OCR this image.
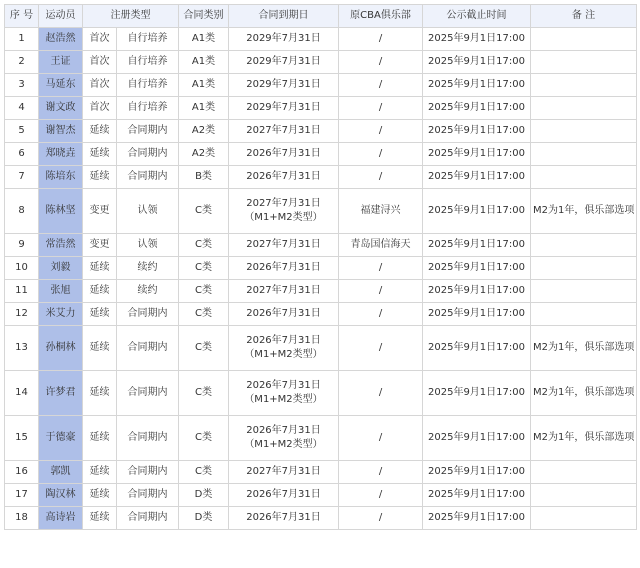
序 号	运动员	注册类型		合同类别	合同到期日	原CBA俱乐部	公示截止时间	备 注
1	赵浩然	首次	自行培养	A1类	2029年7月31日	/	2025年9月1日17:00	
2	王证	首次	自行培养	A1类	2029年7月31日	/	2025年9月1日17:00	
3	马延东	首次	自行培养	A1类	2029年7月31日	/	2025年9月1日17:00	
4	谢文政	首次	自行培养	A1类	2029年7月31日	/	2025年9月1日17:00	
5	谢智杰	延续	合同期内	A2类	2027年7月31日	/	2025年9月1日17:00	
6	郑晓垚	延续	合同期内	A2类	2026年7月31日	/	2025年9月1日17:00	
7	陈培东	延续	合同期内	B类	2026年7月31日	/	2025年9月1日17:00	
8	陈林坚	变更	认领	C类	2027年7月31日
（M1+M2类型）	福建浔兴	2025年9月1日17:00	M2为1年，俱乐部选项
9	常浩然	变更	认领	C类	2027年7月31日	青岛国信海天	2025年9月1日17:00	
10	刘毅	延续	续约	C类	2026年7月31日	/	2025年9月1日17:00	
11	张旭	延续	续约	C类	2027年7月31日	/	2025年9月1日17:00	
12	米艾力	延续	合同期内	C类	2026年7月31日	/	2025年9月1日17:00	
13	孙桐林	延续	合同期内	C类	2026年7月31日
（M1+M2类型）	/	2025年9月1日17:00	M2为1年，俱乐部选项
14	许梦君	延续	合同期内	C类	2026年7月31日
（M1+M2类型）	/	2025年9月1日17:00	M2为1年，俱乐部选项
15	于德豪	延续	合同期内	C类	2026年7月31日
（M1+M2类型）	/	2025年9月1日17:00	M2为1年，俱乐部选项
16	郭凯	延续	合同期内	C类	2027年7月31日	/	2025年9月1日17:00	
17	陶汉林	延续	合同期内	D类	2026年7月31日	/	2025年9月1日17:00	
18	高诗岩	延续	合同期内	D类	2026年7月31日	/	2025年9月1日17:00	
